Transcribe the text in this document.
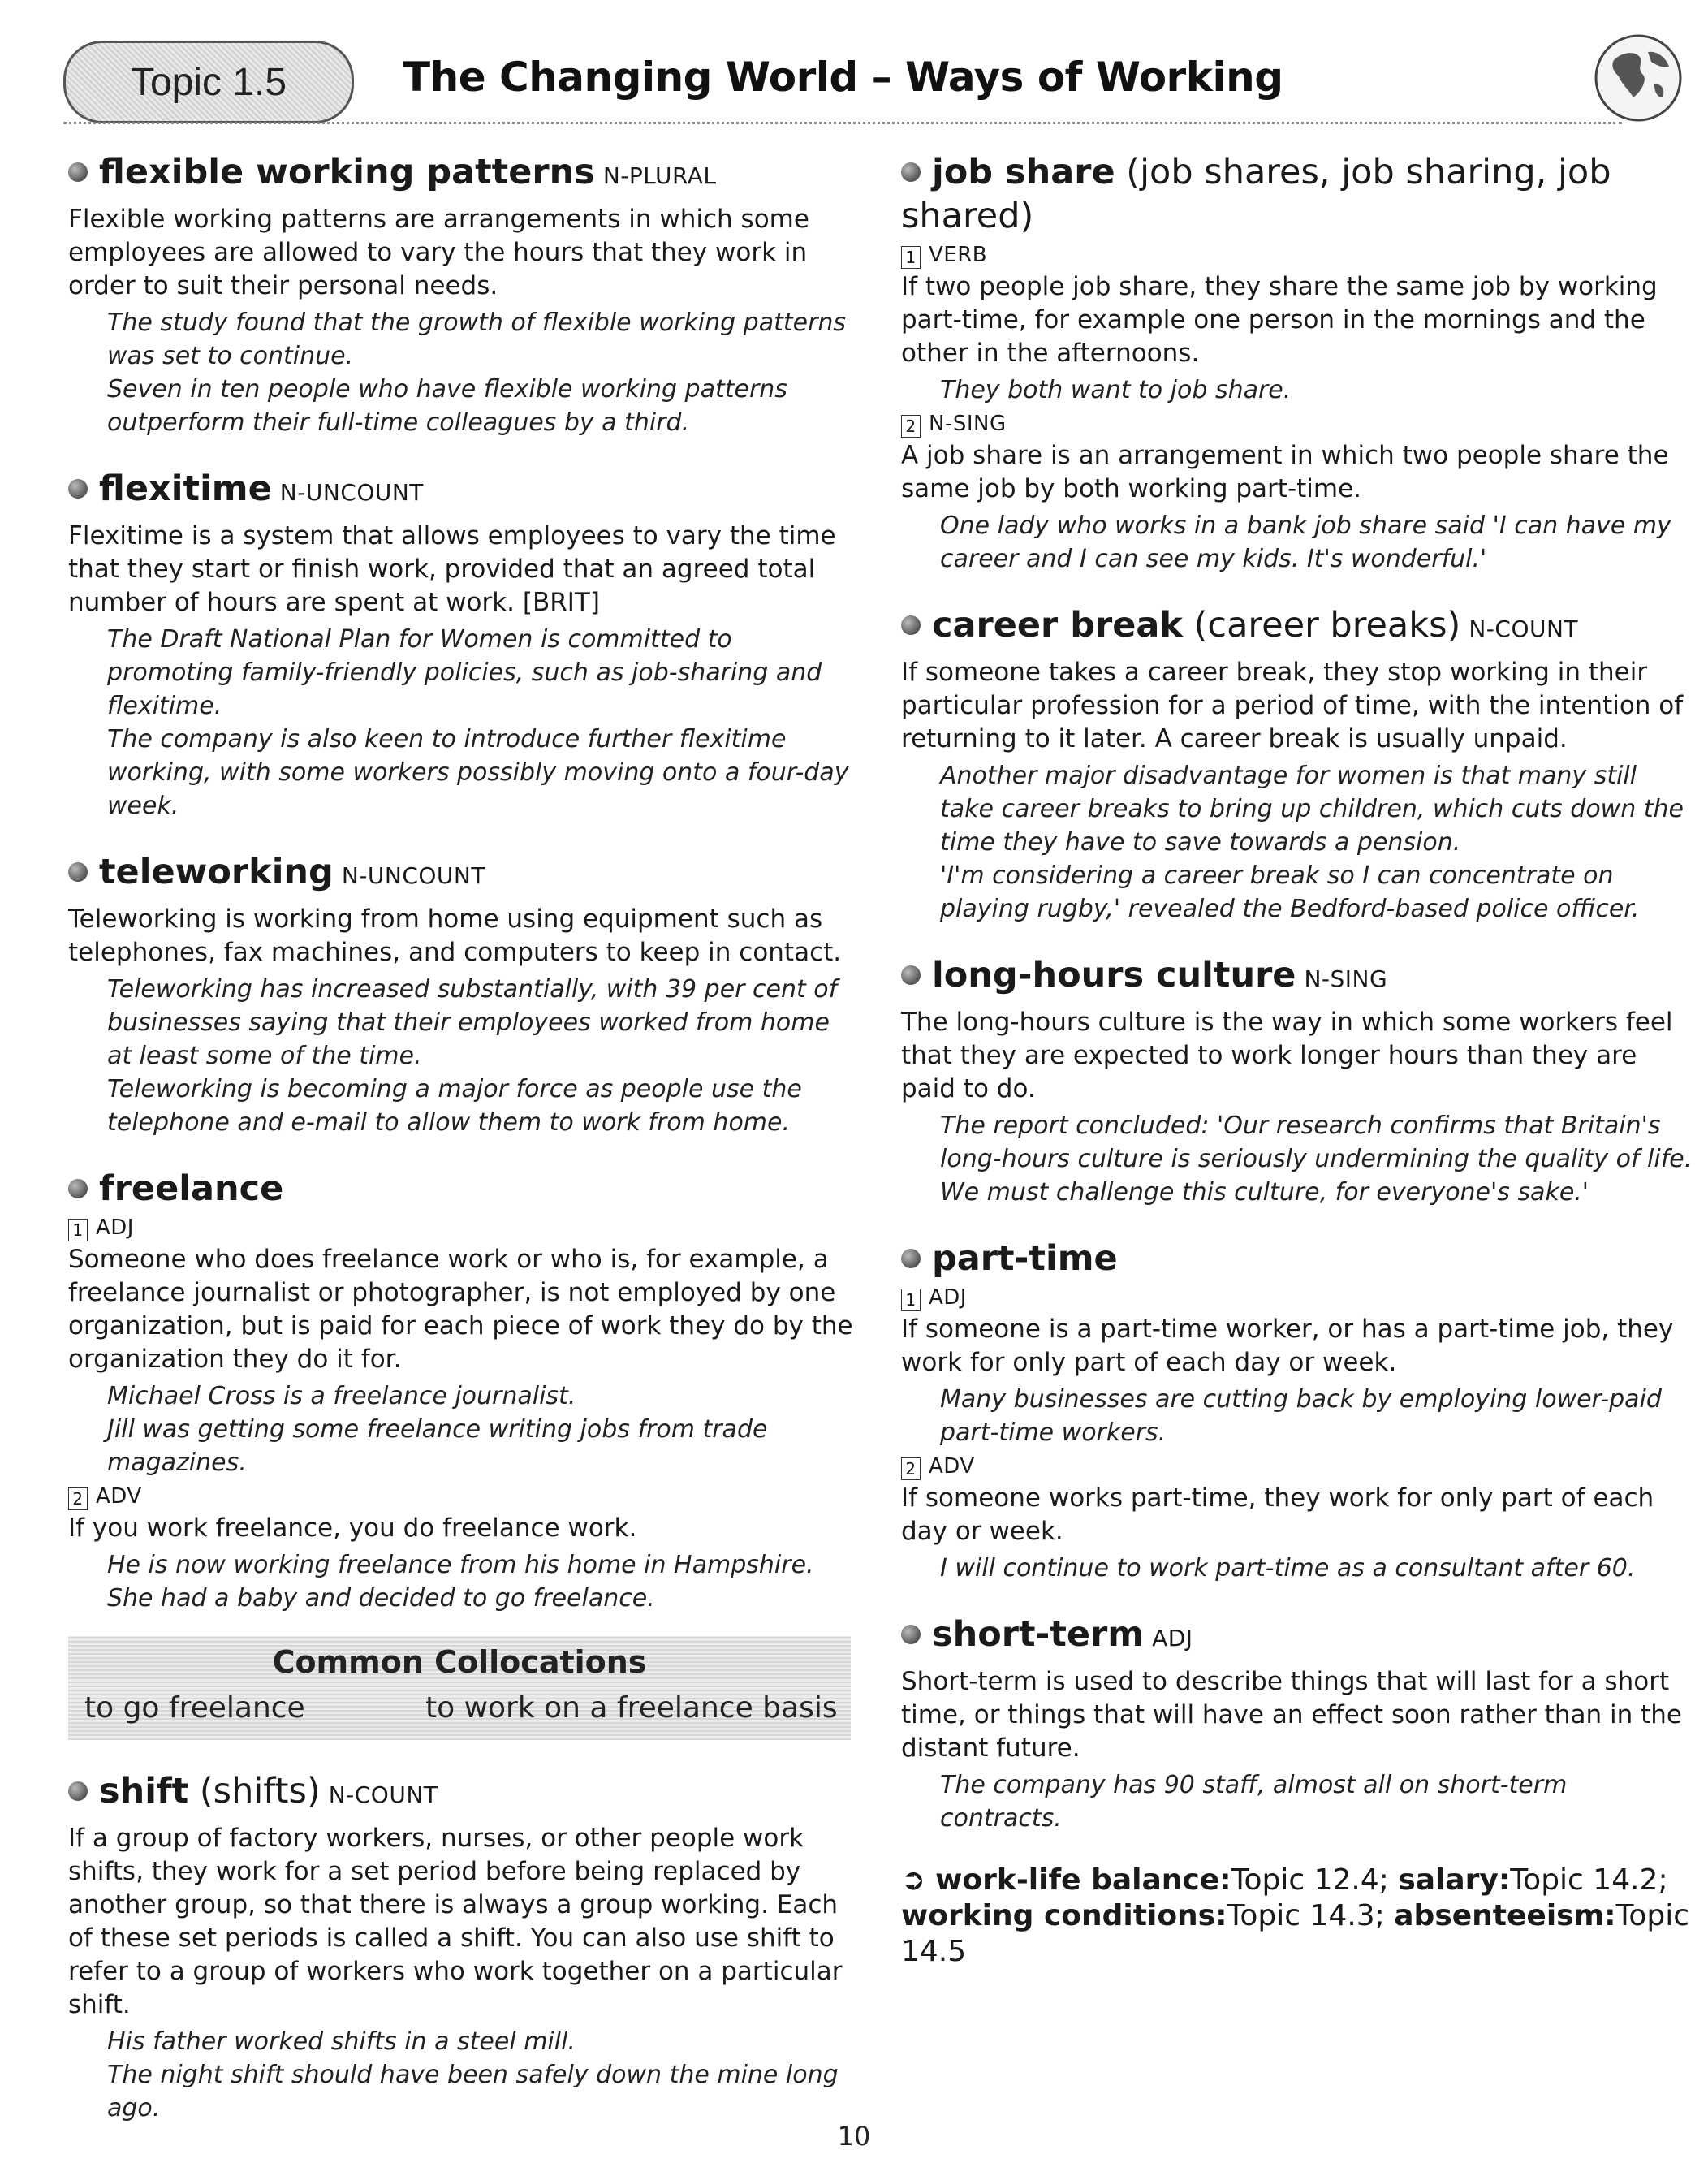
Topic 1.5	The Changing World – Ways of Working
flexible working patterns N-PLURAL

Flexible working patterns are arrangements in which some employees are allowed to vary the hours that they work in order to suit their personal needs.

The study found that the growth of flexible working patterns was set to continue.

Seven in ten people who have flexible working patterns outperform their full-time colleagues by a third.

flexitime N-UNCOUNT

Flexitime is a system that allows employees to vary the time that they start or finish work, provided that an agreed total number of hours are spent at work. [BRIT]

The Draft National Plan for Women is committed to promoting family-friendly policies, such as job-sharing and flexitime.

The company is also keen to introduce further flexitime working, with some workers possibly moving onto a four-day week.

teleworking N-UNCOUNT

Teleworking is working from home using equipment such as telephones, fax machines, and computers to keep in contact.

Teleworking has increased substantially, with 39 per cent of businesses saying that their employees worked from home at least some of the time.

Teleworking is becoming a major force as people use the telephone and e-mail to allow them to work from home.

freelance
1 ADJ

Someone who does freelance work or who is, for example, a freelance journalist or photographer, is not employed by one organization, but is paid for each piece of work they do by the organization they do it for.

Michael Cross is a freelance journalist.

Jill was getting some freelance writing jobs from trade magazines.

2 ADV

If you work freelance, you do freelance work.

He is now working freelance from his home in Hampshire.

She had a baby and decided to go freelance.

Common Collocations
to go freelance	to work on a freelance basis
shift (shifts) N-COUNT

If a group of factory workers, nurses, or other people work shifts, they work for a set period before being replaced by another group, so that there is always a group working. Each of these set periods is called a shift. You can also use shift to refer to a group of workers who work together on a particular shift.

His father worked shifts in a steel mill.

The night shift should have been safely down the mine long ago.

job share (job shares, job sharing, job shared)
1 VERB

If two people job share, they share the same job by working part-time, for example one person in the mornings and the other in the afternoons.

They both want to job share.

2 N-SING

A job share is an arrangement in which two people share the same job by both working part-time.

One lady who works in a bank job share said 'I can have my career and I can see my kids. It's wonderful.'

career break (career breaks) N-COUNT

If someone takes a career break, they stop working in their particular profession for a period of time, with the intention of returning to it later. A career break is usually unpaid.

Another major disadvantage for women is that many still take career breaks to bring up children, which cuts down the time they have to save towards a pension.

'I'm considering a career break so I can concentrate on playing rugby,' revealed the Bedford-based police officer.

long-hours culture N-SING

The long-hours culture is the way in which some workers feel that they are expected to work longer hours than they are paid to do.

The report concluded: 'Our research confirms that Britain's long-hours culture is seriously undermining the quality of life. We must challenge this culture, for everyone's sake.'

part-time
1 ADJ

If someone is a part-time worker, or has a part-time job, they work for only part of each day or week.

Many businesses are cutting back by employing lower-paid part-time workers.

2 ADV

If someone works part-time, they work for only part of each day or week.

I will continue to work part-time as a consultant after 60.

short-term ADJ

Short-term is used to describe things that will last for a short time, or things that will have an effect soon rather than in the distant future.

The company has 90 staff, almost all on short-term contracts.

➲ work-life balance:Topic 12.4; salary:Topic 14.2; working conditions:Topic 14.3; absenteeism:Topic 14.5
10
